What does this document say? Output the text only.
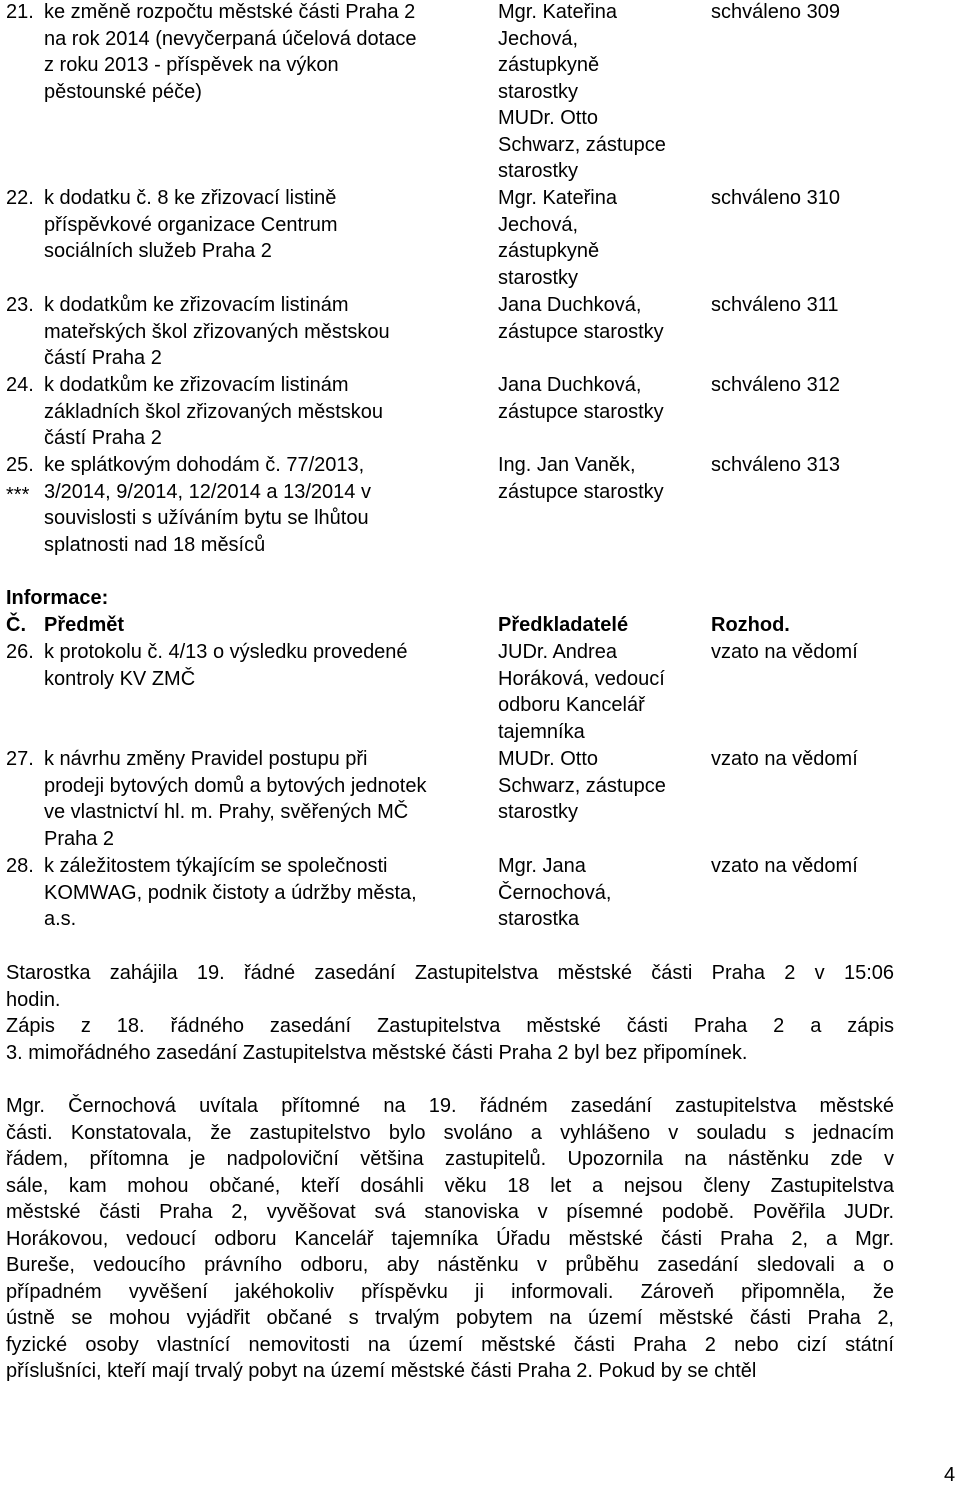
21. ke změně rozpočtu městské části Praha 2
na rok 2014 (nevyčerpaná účelová dotace
z roku 2013 - příspěvek na výkon
pěstounské péče)
Mgr. Kateřina
Jechová,
zástupkyně
starostky
MUDr. Otto
Schwarz, zástupce
starostky
schváleno 309
22. k dodatku č. 8 ke zřizovací listině
příspěvkové organizace Centrum
sociálních služeb Praha 2
Mgr. Kateřina
Jechová,
zástupkyně
starostky
schváleno 310
23. k dodatkům ke zřizovacím listinám
mateřských škol zřizovaných městskou
částí Praha 2
Jana Duchková,
zástupce starostky
schváleno 311
24. k dodatkům ke zřizovacím listinám
základních škol zřizovaných městskou
částí Praha 2
Jana Duchková,
zástupce starostky
schváleno 312
25.
***
ke splátkovým dohodám č. 77/2013,
3/2014, 9/2014, 12/2014 a 13/2014 v
souvislosti s užíváním bytu se lhůtou
splatnosti nad 18 měsíců
Ing. Jan Vaněk,
zástupce starostky
schváleno 313
Informace:
Č. Předmět	Předkladatelé	Rozhod.
26. k protokolu č. 4/13 o výsledku provedené
kontroly KV ZMČ
JUDr. Andrea
Horáková, vedoucí
odboru Kancelář
tajemníka
vzato na vědomí
27. k návrhu změny Pravidel postupu při
prodeji bytových domů a bytových jednotek
ve vlastnictví hl. m. Prahy, svěřených MČ
Praha 2
MUDr. Otto
Schwarz, zástupce
starostky
vzato na vědomí
28. k záležitostem týkajícím se společnosti
KOMWAG, podnik čistoty a údržby města,
a.s.
Mgr. Jana
Černochová,
starostka
vzato na vědomí
Starostka zahájila 19. řádné zasedání Zastupitelstva městské části Praha 2 v 15:06
hodin.
Zápis z 18. řádného zasedání Zastupitelstva městské části Praha 2 a zápis
3. mimořádného zasedání Zastupitelstva městské části Praha 2 byl bez připomínek.
Mgr. Černochová uvítala přítomné na 19. řádném zasedání zastupitelstva městské
části. Konstatovala, že zastupitelstvo bylo svoláno a vyhlášeno v souladu s jednacím
řádem, přítomna je nadpoloviční většina zastupitelů. Upozornila na nástěnku zde v
sále, kam mohou občané, kteří dosáhli věku 18 let a nejsou členy Zastupitelstva
městské části Praha 2, vyvěšovat svá stanoviska v písemné podobě. Pověřila JUDr.
Horákovou, vedoucí odboru Kancelář tajemníka Úřadu městské části Praha 2, a Mgr.
Bureše, vedoucího právního odboru, aby nástěnku v průběhu zasedání sledovali a o
případném vyvěšení jakéhokoliv příspěvku ji informovali. Zároveň připomněla, že
ústně se mohou vyjádřit občané s trvalým pobytem na území městské části Praha 2,
fyzické osoby vlastnící nemovitosti na území městské části Praha 2 nebo cizí státní
příslušníci, kteří mají trvalý pobyt na území městské části Praha 2. Pokud by se chtěl
4
